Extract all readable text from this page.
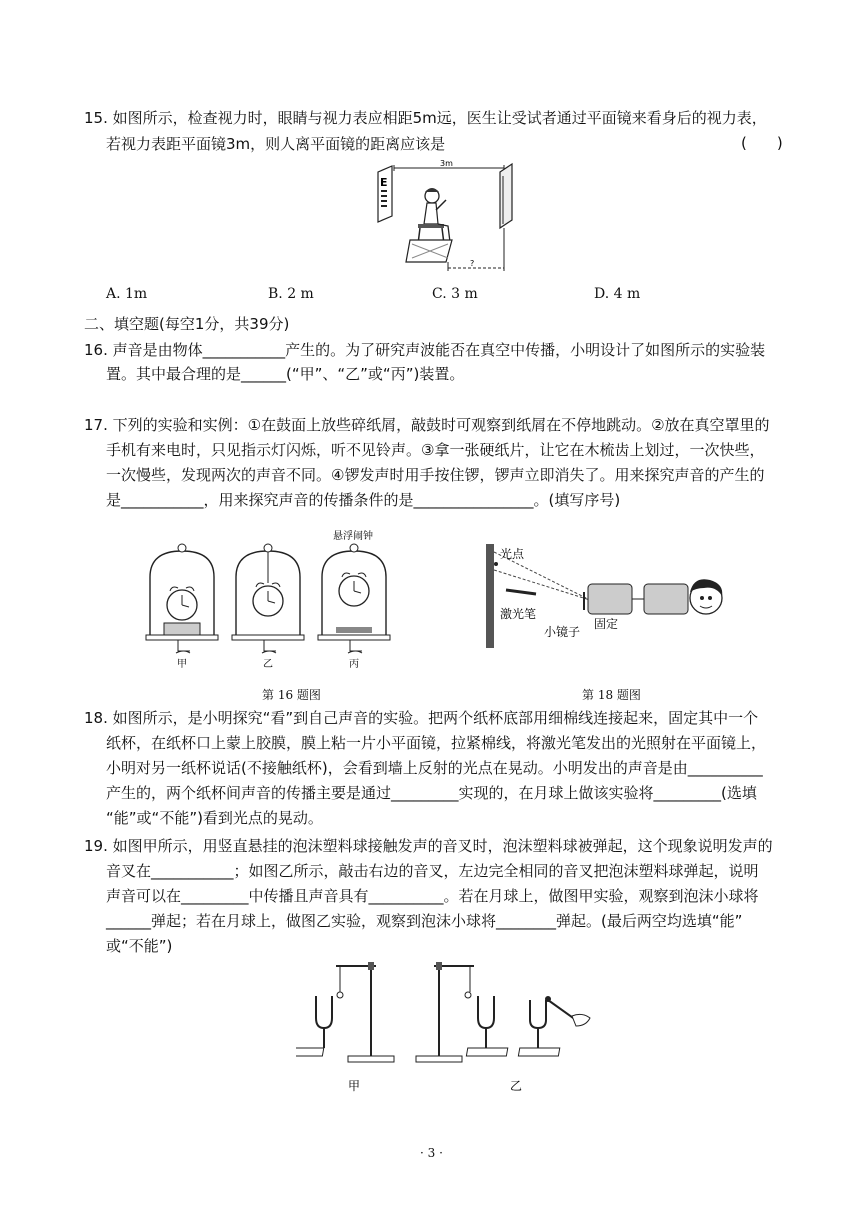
15. 如图所示，检查视力时，眼睛与视力表应相距5m远，医生让受试者通过平面镜来看身后的视力表，
若视力表距平面镜3m，则人离平面镜的距离应该是	(　　)
E
3m
?
A. 1m	B. 2 m	C. 3 m	D. 4 m
二、填空题(每空1分，共39分)
16. 声音是由物体___________产生的。为了研究声波能否在真空中传播，小明设计了如图所示的实验装
置。其中最合理的是______(“甲”、“乙”或“丙”)装置。
17. 下列的实验和实例：①在鼓面上放些碎纸屑，敲鼓时可观察到纸屑在不停地跳动。②放在真空罩里的
手机有来电时，只见指示灯闪烁，听不见铃声。③拿一张硬纸片，让它在木梳齿上划过，一次快些，
一次慢些，发现两次的声音不同。④锣发声时用手按住锣，锣声立即消失了。用来探究声音的产生的
是___________，用来探究声音的传播条件的是________________。(填写序号)
悬浮闹钟
甲	乙	丙
光点
激光笔
小镜子
固定
第 16 题图	第 18 题图
18. 如图所示，是小明探究“看”到自己声音的实验。把两个纸杯底部用细棉线连接起来，固定其中一个
纸杯，在纸杯口上蒙上胶膜，膜上粘一片小平面镜，拉紧棉线，将激光笔发出的光照射在平面镜上，
小明对另一纸杯说话(不接触纸杯)，会看到墙上反射的光点在晃动。小明发出的声音是由__________
产生的，两个纸杯间声音的传播主要是通过_________实现的，在月球上做该实验将_________(选填
“能”或“不能”)看到光点的晃动。
19. 如图甲所示，用竖直悬挂的泡沫塑料球接触发声的音叉时，泡沫塑料球被弹起，这个现象说明发声的
音叉在___________；如图乙所示，敲击右边的音叉，左边完全相同的音叉把泡沫塑料球弹起，说明
声音可以在_________中传播且声音具有__________。若在月球上，做图甲实验，观察到泡沫小球将
______弹起；若在月球上，做图乙实验，观察到泡沫小球将________弹起。(最后两空均选填“能”
或“不能”)
甲	乙
· 3 ·
